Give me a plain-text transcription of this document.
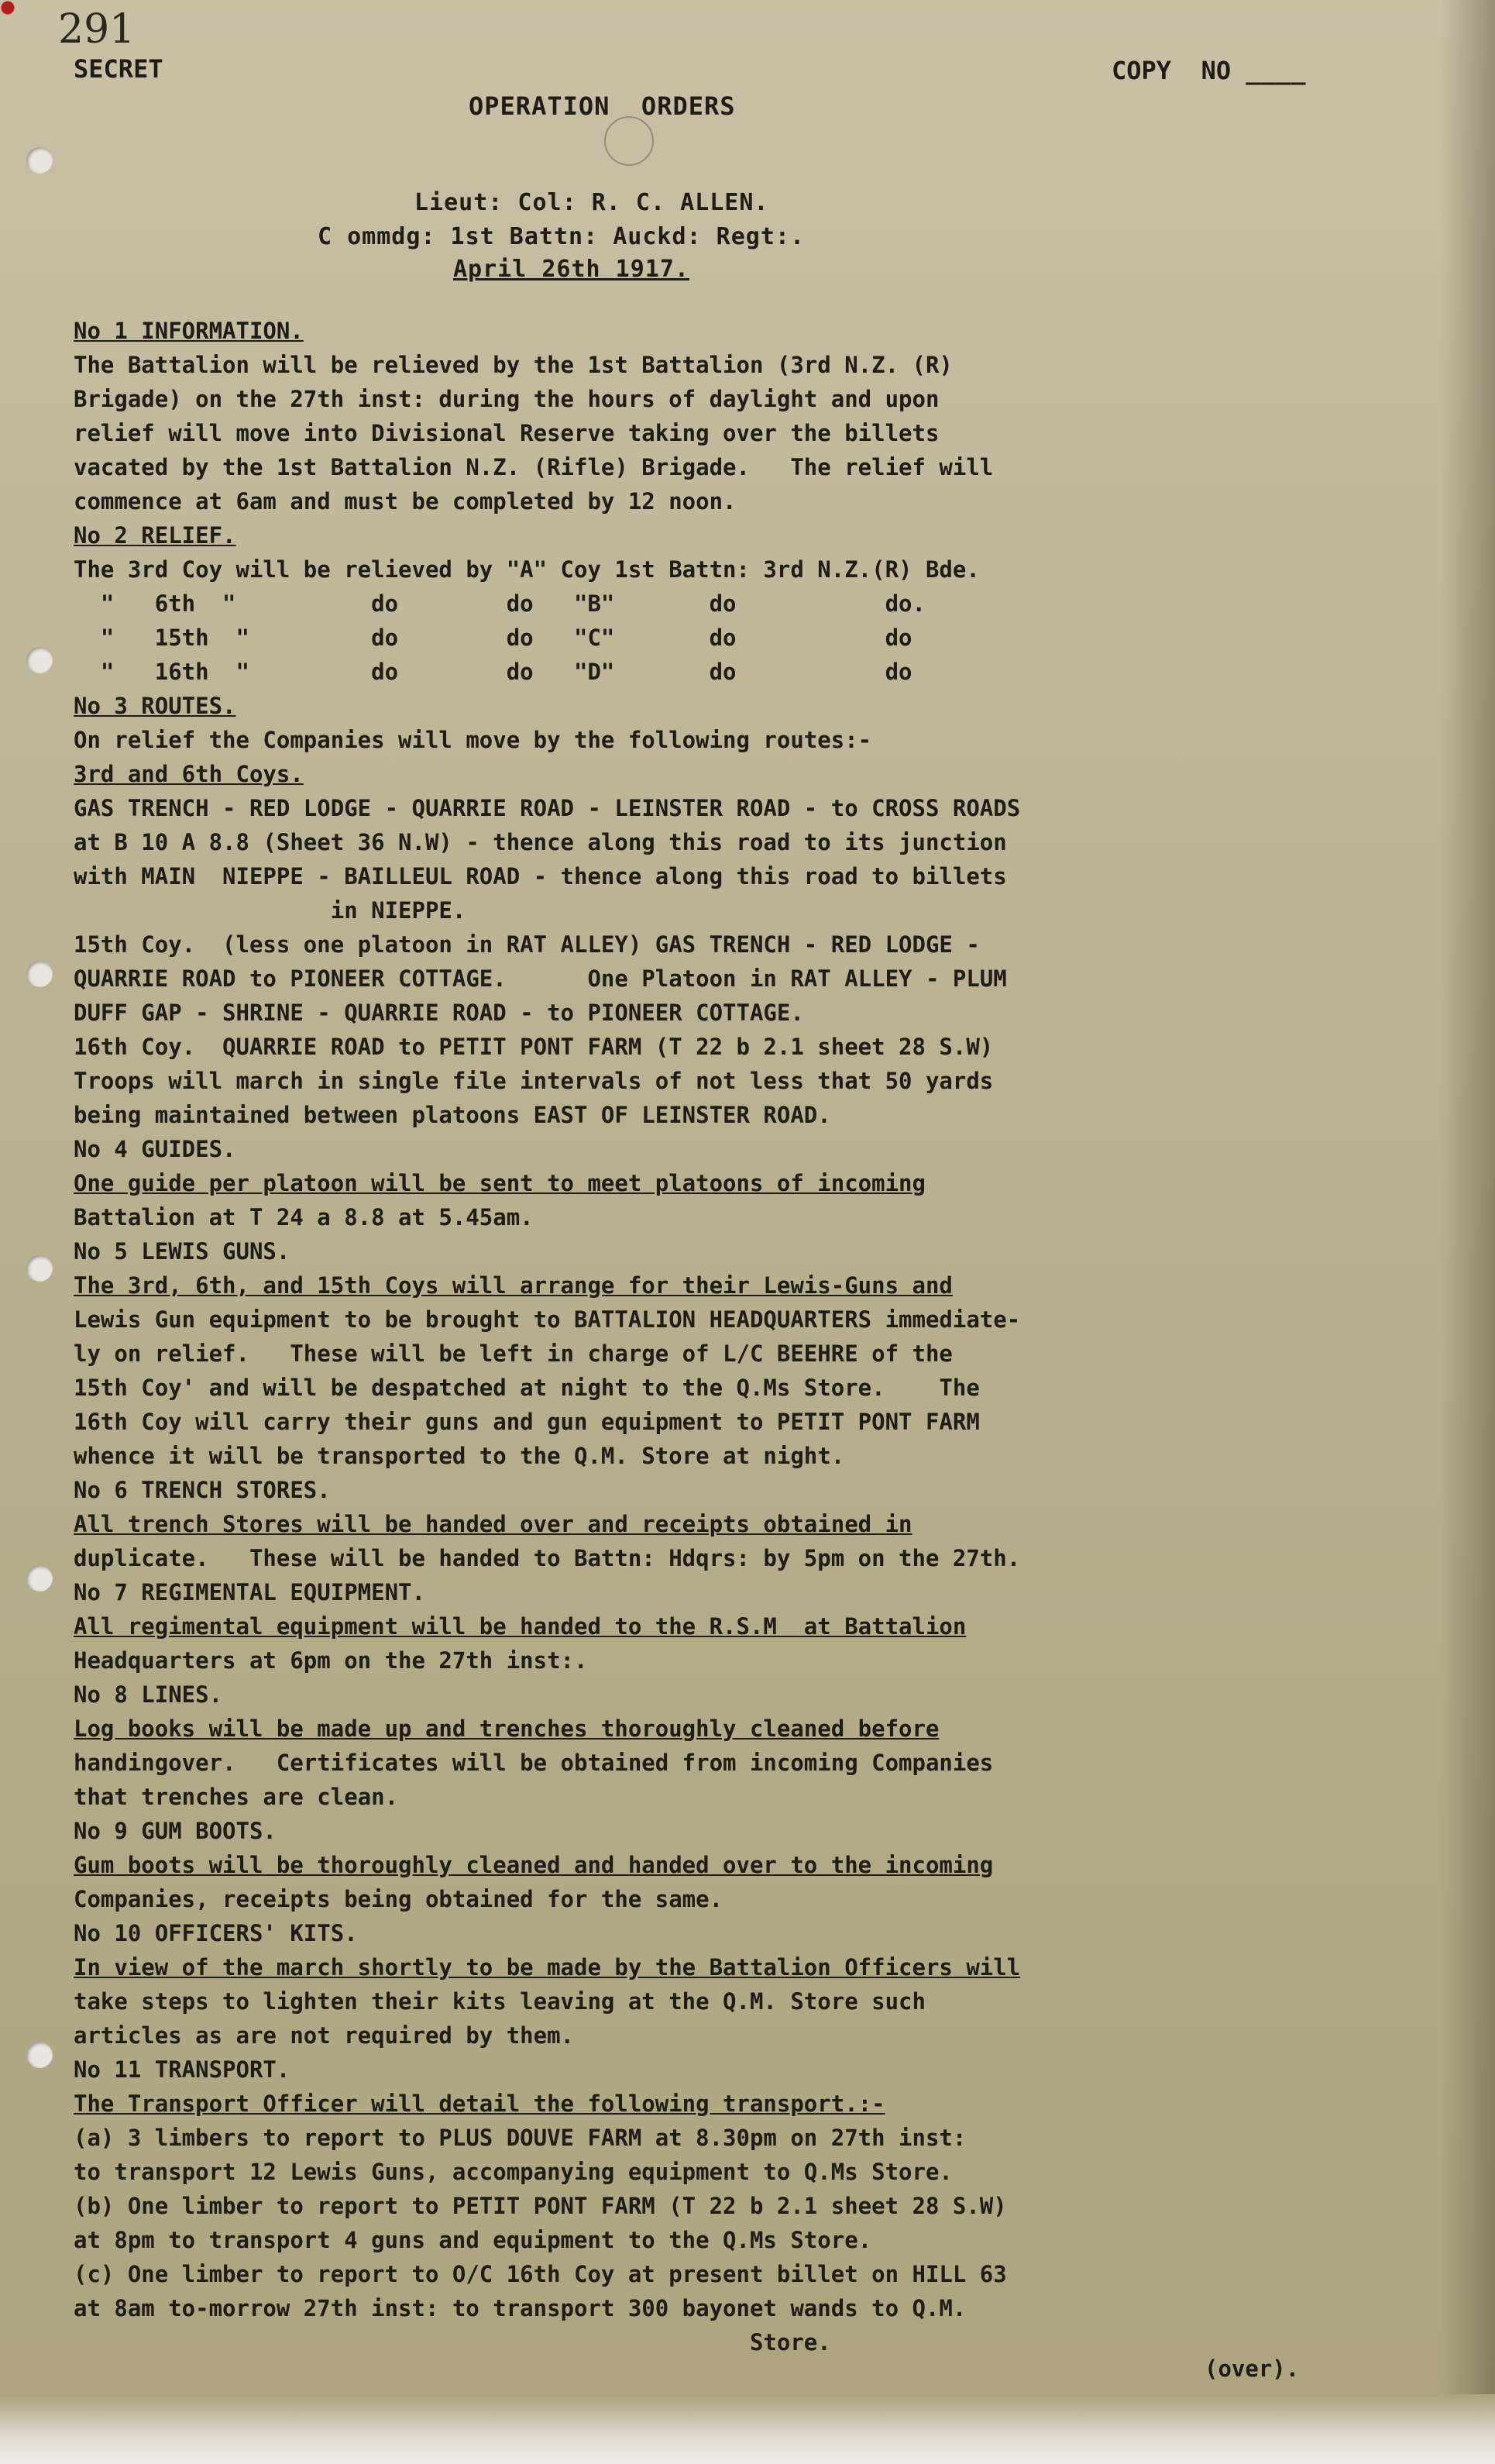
291
SECRET	COPY  NO ____
OPERATION  ORDERS
Lieut: Col: R. C. ALLEN.
C ommdg: 1st Battn: Auckd: Regt:.
April 26th 1917.
No 1 INFORMATION.
The Battalion will be relieved by the 1st Battalion (3rd N.Z. (R)
Brigade) on the 27th inst: during the hours of daylight and upon
relief will move into Divisional Reserve taking over the billets
vacated by the 1st Battalion N.Z. (Rifle) Brigade.   The relief will
commence at 6am and must be completed by 12 noon.
No 2 RELIEF.
The 3rd Coy will be relieved by "A" Coy 1st Battn: 3rd N.Z.(R) Bde.
"   6th  "          do        do   "B"       do           do.
"   15th  "         do        do   "C"       do           do
"   16th  "         do        do   "D"       do           do
No 3 ROUTES.
On relief the Companies will move by the following routes:-
3rd and 6th Coys.
GAS TRENCH - RED LODGE - QUARRIE ROAD - LEINSTER ROAD - to CROSS ROADS
at B 10 A 8.8 (Sheet 36 N.W) - thence along this road to its junction
with MAIN  NIEPPE - BAILLEUL ROAD - thence along this road to billets
in NIEPPE.
15th Coy.  (less one platoon in RAT ALLEY) GAS TRENCH - RED LODGE -
QUARRIE ROAD to PIONEER COTTAGE.      One Platoon in RAT ALLEY - PLUM
DUFF GAP - SHRINE - QUARRIE ROAD - to PIONEER COTTAGE.
16th Coy.  QUARRIE ROAD to PETIT PONT FARM (T 22 b 2.1 sheet 28 S.W)
Troops will march in single file intervals of not less that 50 yards
being maintained between platoons EAST OF LEINSTER ROAD.
No 4 GUIDES.
One guide per platoon will be sent to meet platoons of incoming
Battalion at T 24 a 8.8 at 5.45am.
No 5 LEWIS GUNS.
The 3rd, 6th, and 15th Coys will arrange for their Lewis-Guns and
Lewis Gun equipment to be brought to BATTALION HEADQUARTERS immediate-
ly on relief.   These will be left in charge of L/C BEEHRE of the
15th Coy' and will be despatched at night to the Q.Ms Store.    The
16th Coy will carry their guns and gun equipment to PETIT PONT FARM
whence it will be transported to the Q.M. Store at night.
No 6 TRENCH STORES.
All trench Stores will be handed over and receipts obtained in
duplicate.   These will be handed to Battn: Hdqrs: by 5pm on the 27th.
No 7 REGIMENTAL EQUIPMENT.
All regimental equipment will be handed to the R.S.M  at Battalion
Headquarters at 6pm on the 27th inst:.
No 8 LINES.
Log books will be made up and trenches thoroughly cleaned before
handingover.   Certificates will be obtained from incoming Companies
that trenches are clean.
No 9 GUM BOOTS.
Gum boots will be thoroughly cleaned and handed over to the incoming
Companies, receipts being obtained for the same.
No 10 OFFICERS' KITS.
In view of the march shortly to be made by the Battalion Officers will
take steps to lighten their kits leaving at the Q.M. Store such
articles as are not required by them.
No 11 TRANSPORT.
The Transport Officer will detail the following transport.:-
(a) 3 limbers to report to PLUS DOUVE FARM at 8.30pm on 27th inst:
to transport 12 Lewis Guns, accompanying equipment to Q.Ms Store.
(b) One limber to report to PETIT PONT FARM (T 22 b 2.1 sheet 28 S.W)
at 8pm to transport 4 guns and equipment to the Q.Ms Store.
(c) One limber to report to O/C 16th Coy at present billet on HILL 63
at 8am to-morrow 27th inst: to transport 300 bayonet wands to Q.M.
Store.
(over).
